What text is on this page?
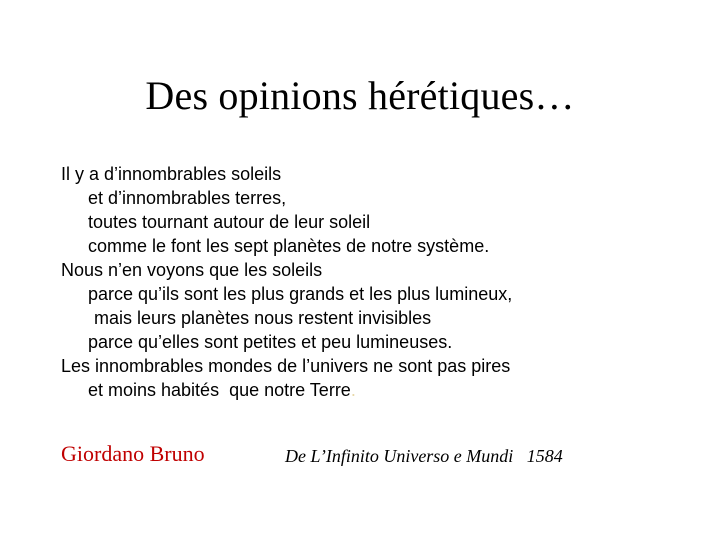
Des opinions hérétiques…
Il y a d’innombrables soleils
et d’innombrables terres,
toutes tournant autour de leur soleil
comme le font les sept planètes de notre système.
Nous n’en voyons que les soleils
parce qu’ils sont les plus grands et les plus lumineux,
mais leurs planètes nous restent invisibles
parce qu’elles sont petites et peu lumineuses.
Les innombrables mondes de l’univers ne sont pas pires
et moins habités  que notre Terre.
Giordano Bruno	De L’Infinito Universo e Mundi   1584
